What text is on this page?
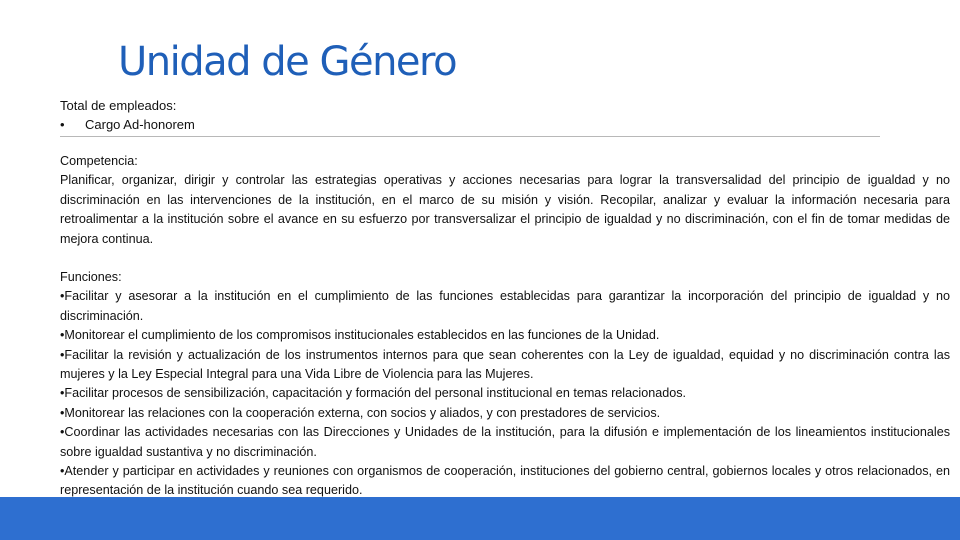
Unidad de Género
Total de empleados:
•	Cargo Ad-honorem
Competencia:

Planificar, organizar, dirigir y controlar las estrategias operativas y acciones necesarias para lograr la transversalidad del principio de igualdad y no discriminación en las intervenciones de la institución, en el marco de su misión y visión. Recopilar, analizar y evaluar la información necesaria para retroalimentar a la institución sobre el avance en su esfuerzo por transversalizar el principio de igualdad y no discriminación, con el fin de tomar medidas de mejora continua.

Funciones:

•Facilitar y asesorar a la institución en el cumplimiento de las funciones establecidas para garantizar la incorporación del principio de igualdad y no discriminación.

•Monitorear el cumplimiento de los compromisos institucionales establecidos en las funciones de la Unidad.

•Facilitar la revisión y actualización de los instrumentos internos para que sean coherentes con la Ley de igualdad, equidad y no discriminación contra las mujeres y la Ley Especial Integral para una Vida Libre de Violencia para las Mujeres.

•Facilitar procesos de sensibilización, capacitación y formación del personal institucional en temas relacionados.

•Monitorear las relaciones con la cooperación externa, con socios y aliados, y con prestadores de servicios.

•Coordinar las actividades necesarias con las Direcciones y Unidades de la institución, para la difusión e implementación de los lineamientos institucionales sobre igualdad sustantiva y no discriminación.

•Atender y participar en actividades y reuniones con organismos de cooperación, instituciones del gobierno central, gobiernos locales y otros relacionados, en representación de la institución cuando sea requerido.
